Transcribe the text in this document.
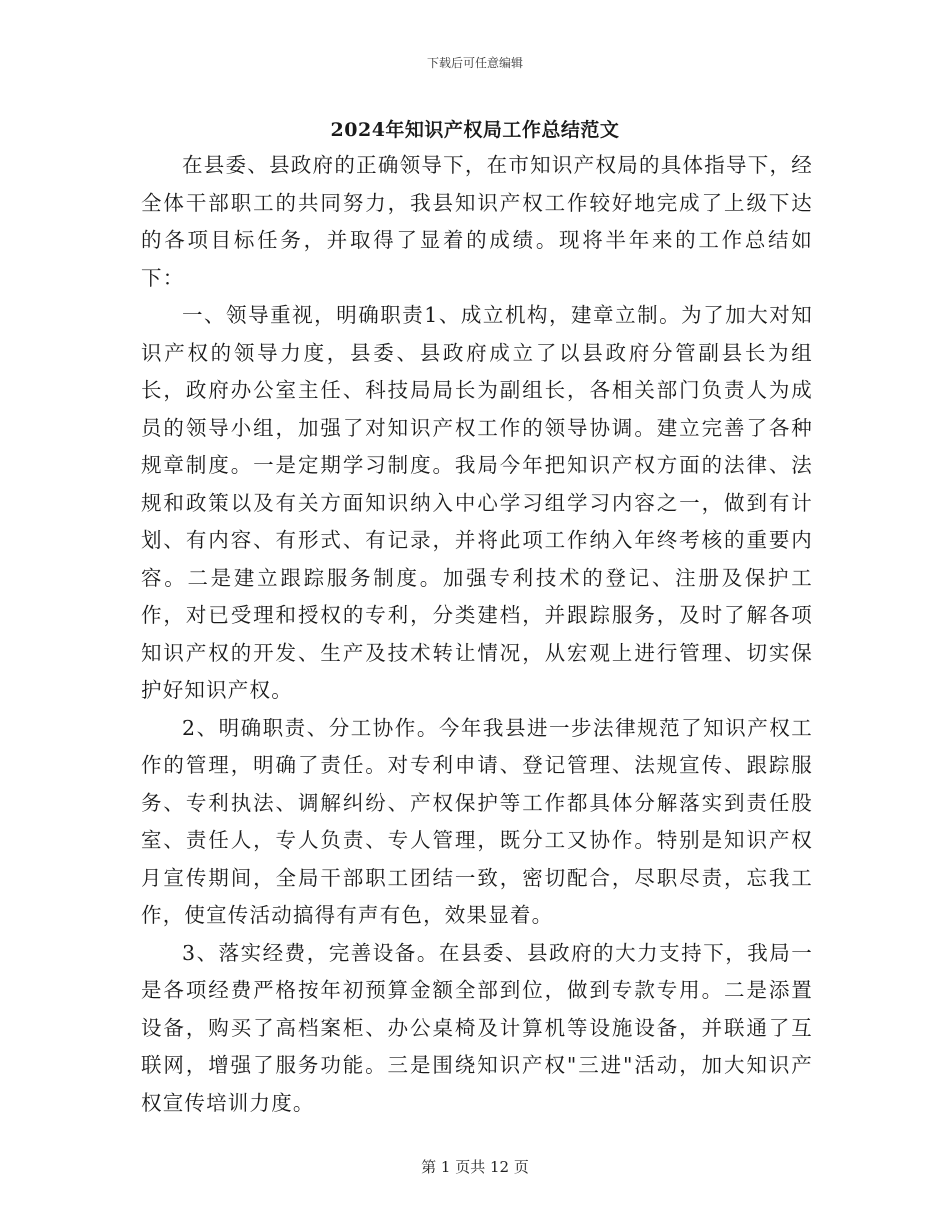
下载后可任意编辑
2024年知识产权局工作总结范文

在县委、县政府的正确领导下，在市知识产权局的具体指导下，经全体干部职工的共同努力，我县知识产权工作较好地完成了上级下达的各项目标任务，并取得了显着的成绩。现将半年来的工作总结如下：

一、领导重视，明确职责1、成立机构，建章立制。为了加大对知识产权的领导力度，县委、县政府成立了以县政府分管副县长为组长，政府办公室主任、科技局局长为副组长，各相关部门负责人为成员的领导小组，加强了对知识产权工作的领导协调。建立完善了各种规章制度。一是定期学习制度。我局今年把知识产权方面的法律、法规和政策以及有关方面知识纳入中心学习组学习内容之一，做到有计划、有内容、有形式、有记录，并将此项工作纳入年终考核的重要内容。二是建立跟踪服务制度。加强专利技术的登记、注册及保护工作，对已受理和授权的专利，分类建档，并跟踪服务，及时了解各项知识产权的开发、生产及技术转让情况，从宏观上进行管理、切实保护好知识产权。

2、明确职责、分工协作。今年我县进一步法律规范了知识产权工作的管理，明确了责任。对专利申请、登记管理、法规宣传、跟踪服务、专利执法、调解纠纷、产权保护等工作都具体分解落实到责任股室、责任人，专人负责、专人管理，既分工又协作。特别是知识产权月宣传期间，全局干部职工团结一致，密切配合，尽职尽责，忘我工作，使宣传活动搞得有声有色，效果显着。

3、落实经费，完善设备。在县委、县政府的大力支持下，我局一是各项经费严格按年初预算金额全部到位，做到专款专用。二是添置设备，购买了高档案柜、办公桌椅及计算机等设施设备，并联通了互联网，增强了服务功能。三是围绕知识产权"三进"活动，加大知识产权宣传培训力度。

第 1 页共 12 页
